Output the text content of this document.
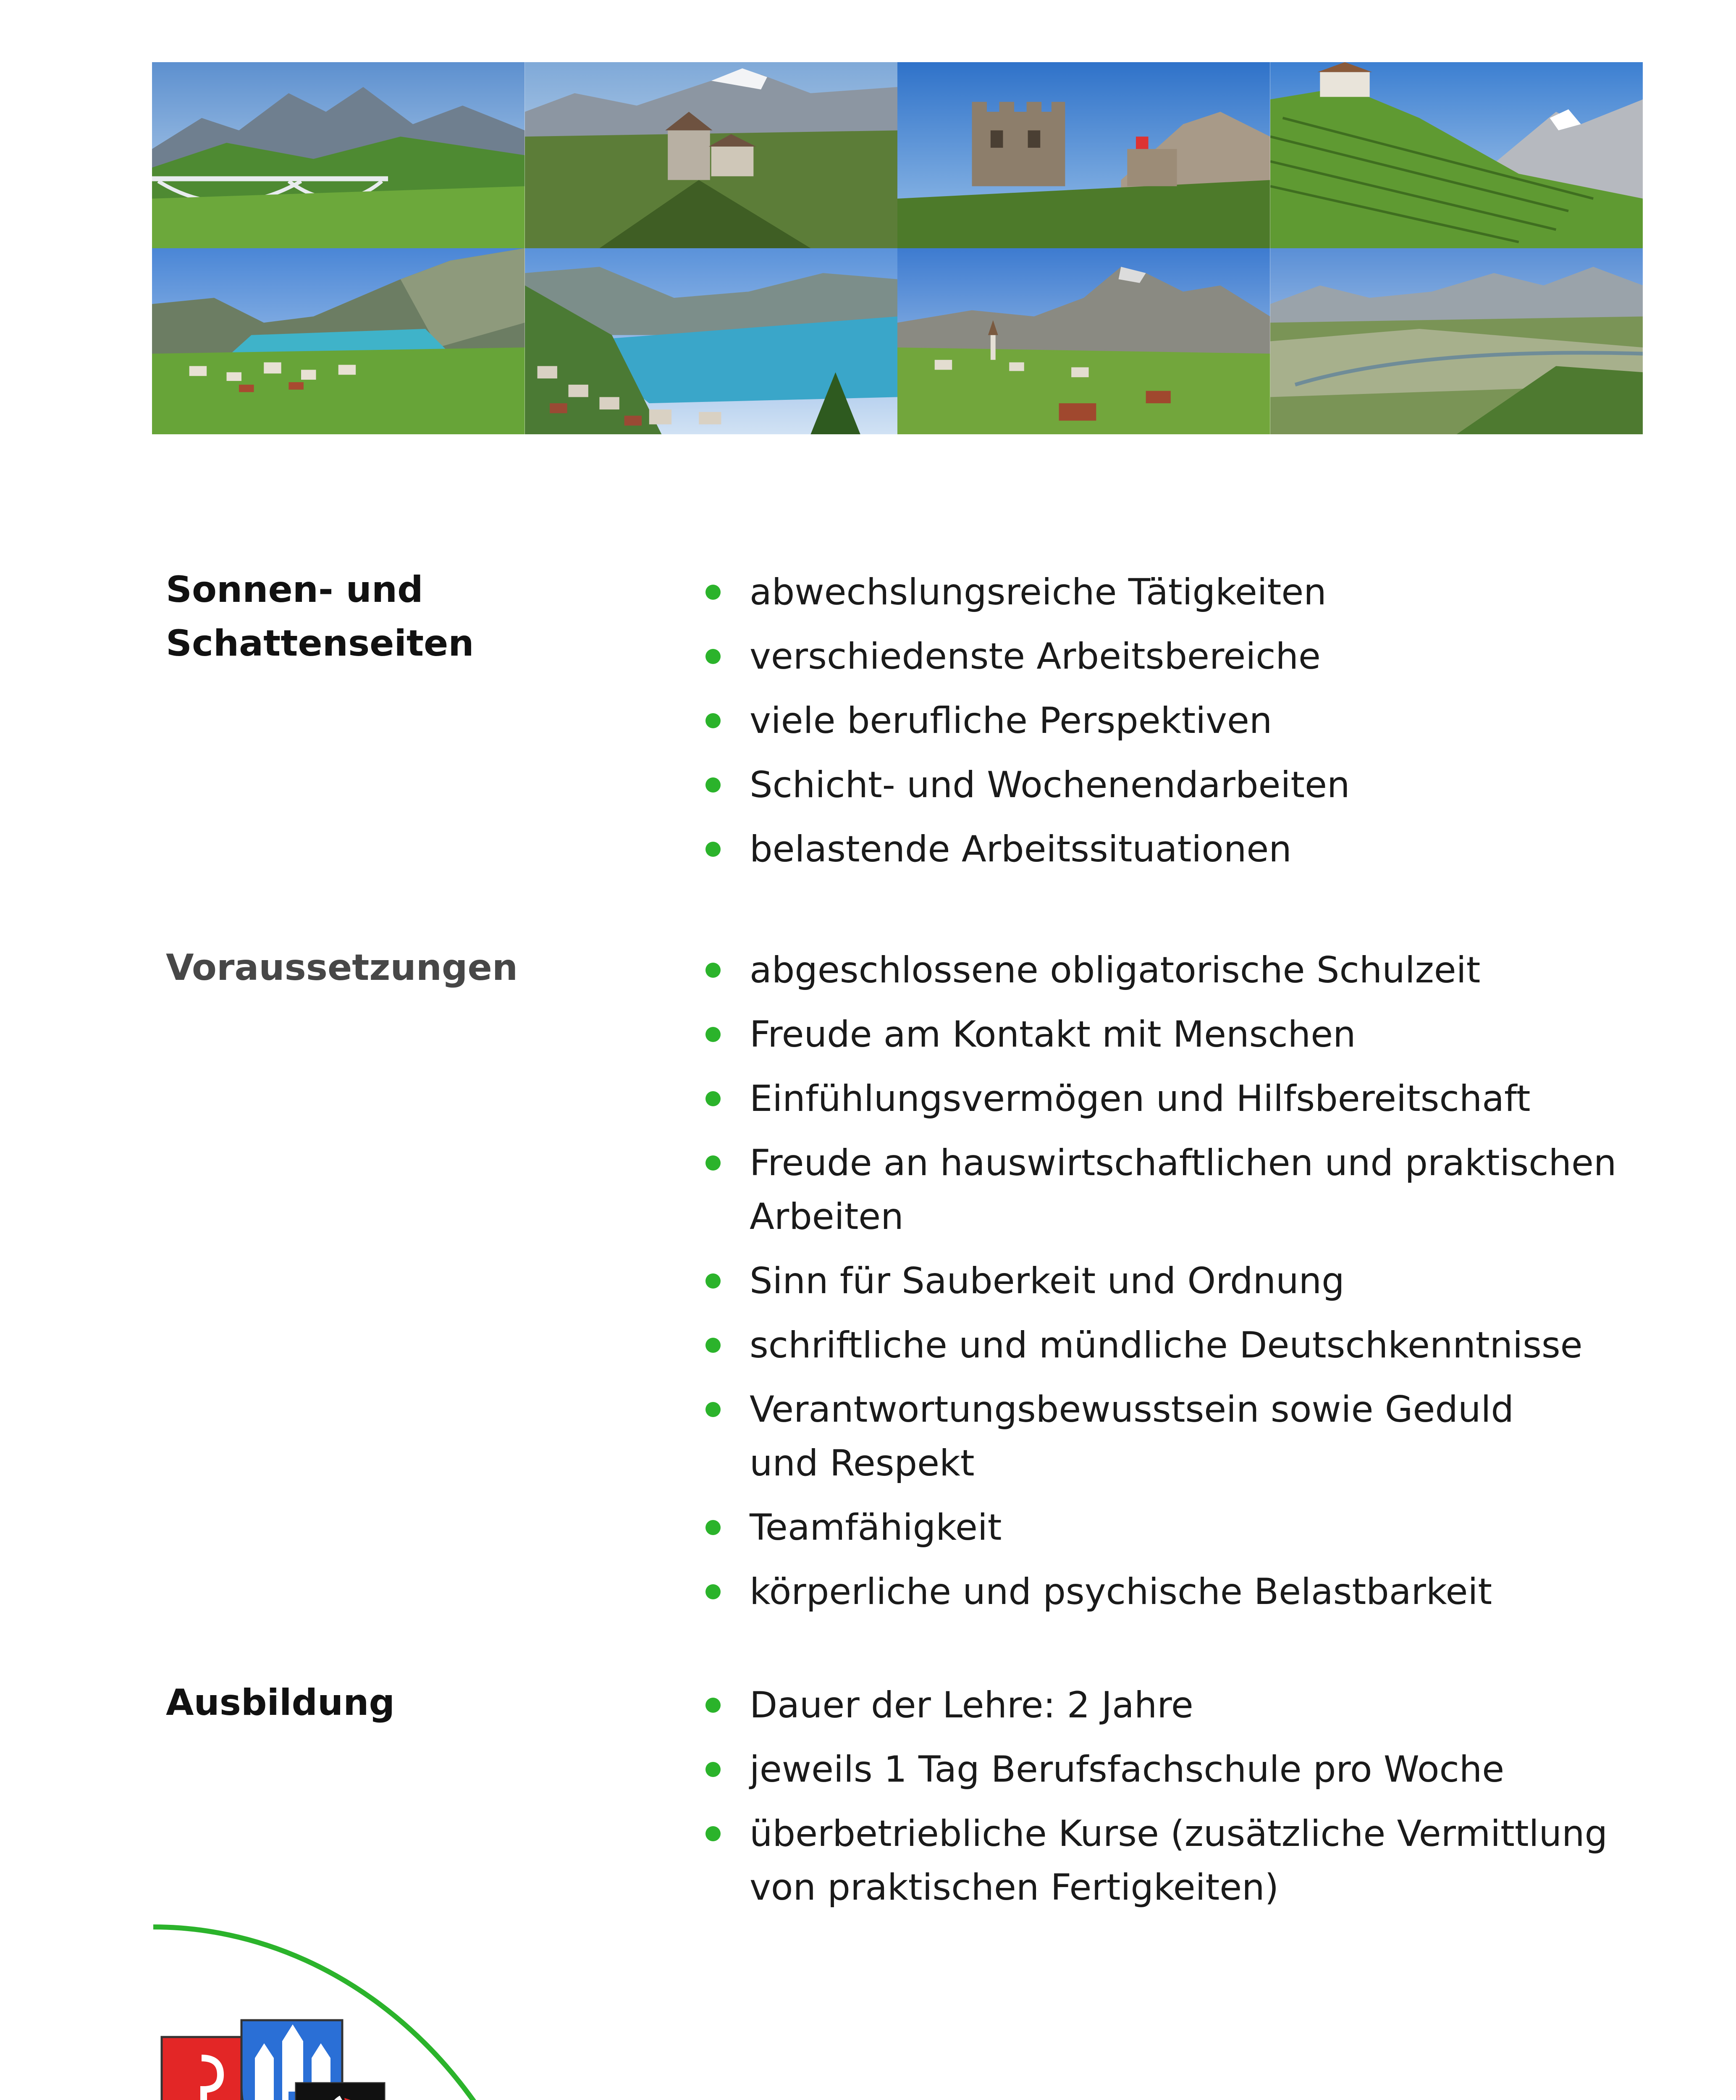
Sonnen- und
Schattenseiten
abwechslungsreiche Tätigkeiten
verschiedenste Arbeitsbereiche
viele berufliche Perspektiven
Schicht- und Wochenendarbeiten
belastende Arbeitssituationen
Voraussetzungen	abgeschlossene obligatorische Schulzeit
Freude am Kontakt mit Menschen
Einfühlungsvermögen und Hilfsbereitschaft
Freude an hauswirtschaftlichen und praktischen
Arbeiten
Sinn für Sauberkeit und Ordnung
schriftliche und mündliche Deutschkenntnisse
Verantwortungsbewusstsein sowie Geduld
und Respekt
Teamfähigkeit
körperliche und psychische Belastbarkeit
Ausbildung	Dauer der Lehre: 2 Jahre
jeweils 1 Tag Berufsfachschule pro Woche
überbetriebliche Kurse (zusätzliche Vermittlung
von praktischen Fertigkeiten)
